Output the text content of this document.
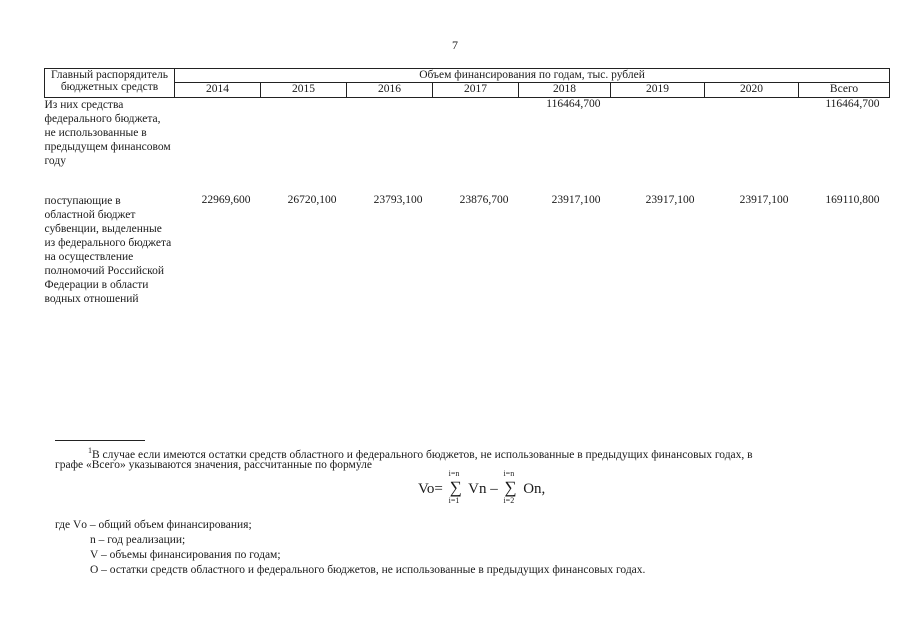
7
Главный распорядитель бюджетных средств	Объем финансирования по годам, тыс. рублей							
	2014	2015	2016	2017	2018	2019	2020	Всего
Из них средства федерального бюджета, не использованные в предыдущем финансовом году					116464,700			116464,700
поступающие в областной бюджет субвенции, выделенные из федерального бюджета на осуществление полномочий Российской Федерации в области водных отношений	22969,600	26720,100	23793,100	23876,700	23917,100	23917,100	23917,100	169110,800
$^1$В случае если имеются остатки средств областного и федерального бюджетов, не использованные в предыдущих финансовых годах, в
графе «Всего» указываются значения, рассчитанные по формуле
Vo=
i=n
∑
i=1
Vn –
i=n
∑
i=2
On,
где Vо – общий объем финансирования;
n – год реализации;
V – объемы финансирования по годам;
О – остатки средств областного и федерального бюджетов, не использованные в предыдущих финансовых годах.
